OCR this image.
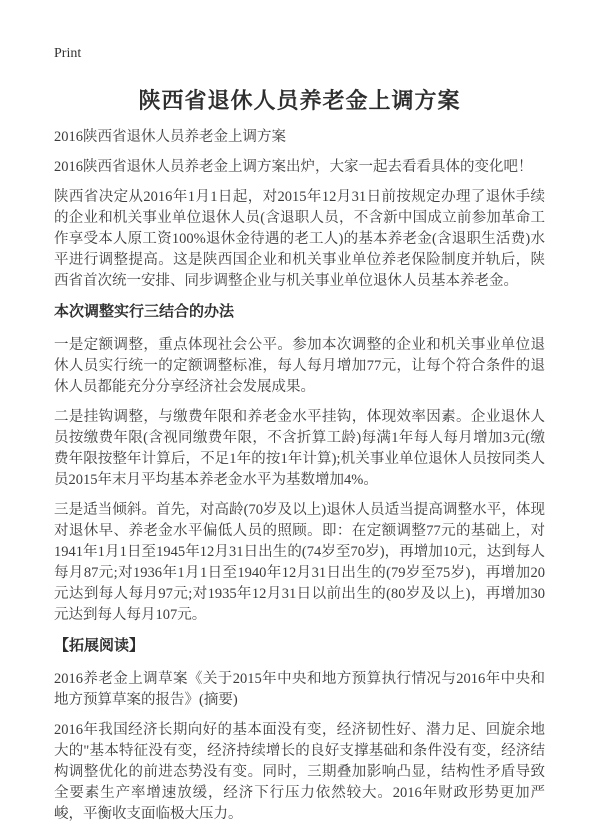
Print
陕西省退休人员养老金上调方案

2016陕西省退休人员养老金上调方案

2016陕西省退休人员养老金上调方案出炉，大家一起去看看具体的变化吧！

陕西省决定从2016年1月1日起，对2015年12月31日前按规定办理了退休手续的企业和机关事业单位退休人员(含退职人员，不含新中国成立前参加革命工作享受本人原工资100%退休金待遇的老工人)的基本养老金(含退职生活费)水平进行调整提高。这是陕西国企业和机关事业单位养老保险制度并轨后，陕西省首次统一安排、同步调整企业与机关事业单位退休人员基本养老金。

本次调整实行三结合的办法

一是定额调整，重点体现社会公平。参加本次调整的企业和机关事业单位退休人员实行统一的定额调整标准，每人每月增加77元，让每个符合条件的退休人员都能充分分享经济社会发展成果。

二是挂钩调整，与缴费年限和养老金水平挂钩，体现效率因素。企业退休人员按缴费年限(含视同缴费年限，不含折算工龄)每满1年每人每月增加3元(缴费年限按整年计算后，不足1年的按1年计算);机关事业单位退休人员按同类人员2015年末月平均基本养老金水平为基数增加4%。

三是适当倾斜。首先，对高龄(70岁及以上)退休人员适当提高调整水平，体现对退休早、养老金水平偏低人员的照顾。即：在定额调整77元的基础上，对1941年1月1日至1945年12月31日出生的(74岁至70岁)，再增加10元，达到每人每月87元;对1936年1月1日至1940年12月31日出生的(79岁至75岁)，再增加20元达到每人每月97元;对1935年12月31日以前出生的(80岁及以上)，再增加30元达到每人每月107元。

【拓展阅读】

2016养老金上调草案《关于2015年中央和地方预算执行情况与2016年中央和地方预算草案的报告》(摘要)

2016年我国经济长期向好的基本面没有变，经济韧性好、潜力足、回旋余地大的"基本特征没有变，经济持续增长的良好支撑基础和条件没有变，经济结构调整优化的前进态势没有变。同时，三期叠加影响凸显，结构性矛盾导致全要素生产率增速放缓，经济下行压力依然较大。2016年财政形势更加严峻，平衡收支面临极大压力。
